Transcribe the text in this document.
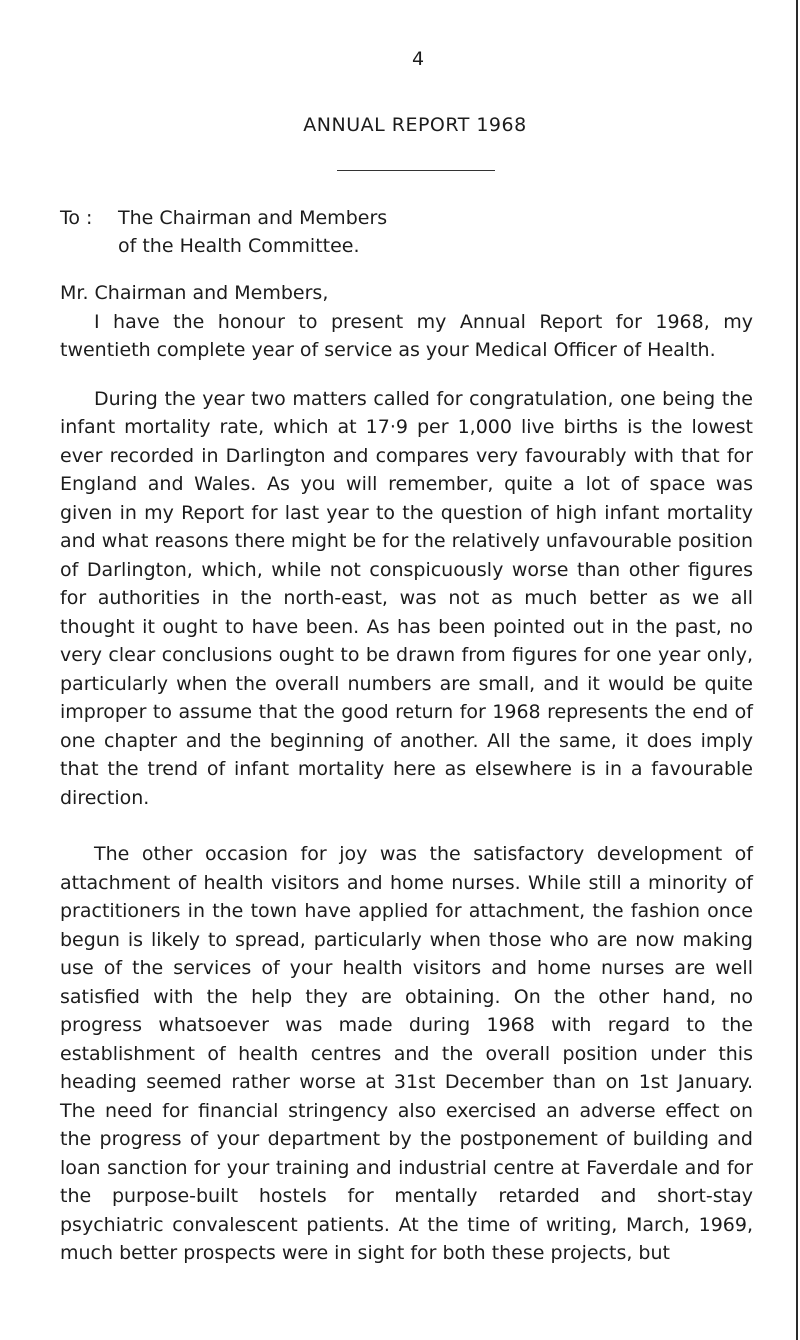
4
ANNUAL REPORT 1968
To : The Chairman and Members
of the Health Committee.

Mr. Chairman and Members,

I have the honour to present my Annual Report for 1968, my twentieth complete year of service as your Medical Officer of Health.

During the year two matters called for congratulation, one being the infant mortality rate, which at 17·9 per 1,000 live births is the lowest ever recorded in Darlington and compares very favourably with that for England and Wales. As you will remember, quite a lot of space was given in my Report for last year to the question of high infant mortality and what reasons there might be for the relatively unfavourable position of Darlington, which, while not conspicuously worse than other figures for authorities in the north-east, was not as much better as we all thought it ought to have been. As has been pointed out in the past, no very clear conclusions ought to be drawn from figures for one year only, particularly when the overall numbers are small, and it would be quite improper to assume that the good return for 1968 represents the end of one chapter and the beginning of another. All the same, it does imply that the trend of infant mortality here as elsewhere is in a favourable direction.

The other occasion for joy was the satisfactory development of attachment of health visitors and home nurses. While still a minority of practitioners in the town have applied for attachment, the fashion once begun is likely to spread, particularly when those who are now making use of the services of your health visitors and home nurses are well satisfied with the help they are obtaining. On the other hand, no progress whatsoever was made during 1968 with regard to the establishment of health centres and the overall position under this heading seemed rather worse at 31st December than on 1st January. The need for financial stringency also exercised an adverse effect on the progress of your department by the postponement of building and loan sanction for your training and industrial centre at Faverdale and for the purpose-built hostels for mentally retarded and short-stay psychiatric convalescent patients. At the time of writing, March, 1969, much better prospects were in sight for both these projects, but
